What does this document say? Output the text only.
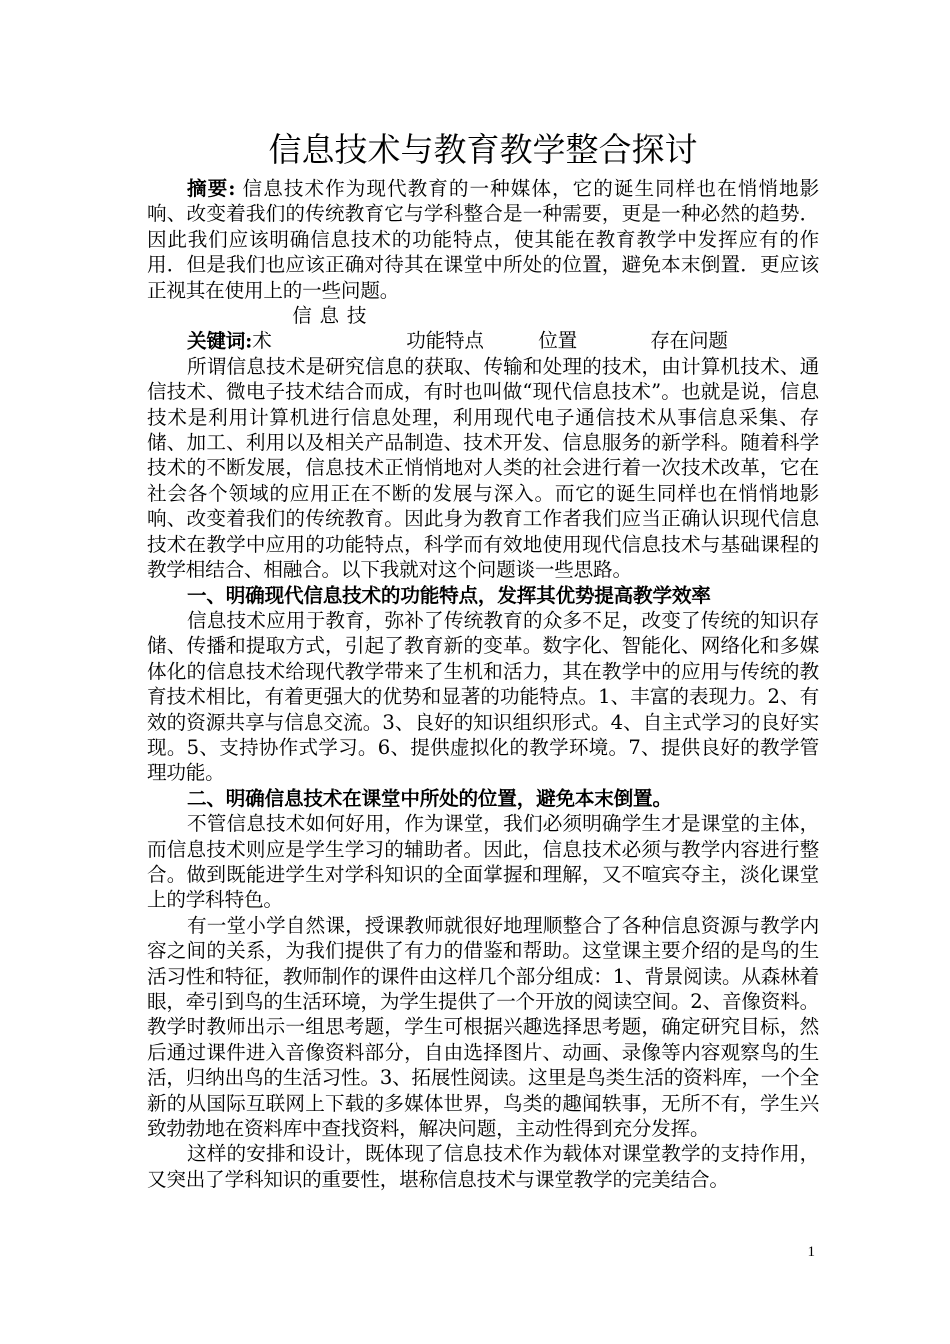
信息技术与教育教学整合探讨

摘要: 信息技术作为现代教育的一种媒体，它的诞生同样也在悄悄地影响、改变着我们的传统教育它与学科整合是一种需要，更是一种必然的趋势．因此我们应该明确信息技术的功能特点，使其能在教育教学中发挥应有的作用．但是我们也应该正确对待其在课堂中所处的位置，避免本末倒置．更应该正视其在使用上的一些问题。

关键词:信息技术	功能特点	位置	存在问题

所谓信息技术是研究信息的获取、传输和处理的技术，由计算机技术、通信技术、微电子技术结合而成，有时也叫做“现代信息技术”。也就是说，信息技术是利用计算机进行信息处理，利用现代电子通信技术从事信息采集、存储、加工、利用以及相关产品制造、技术开发、信息服务的新学科。随着科学技术的不断发展，信息技术正悄悄地对人类的社会进行着一次技术改革，它在社会各个领域的应用正在不断的发展与深入。而它的诞生同样也在悄悄地影响、改变着我们的传统教育。因此身为教育工作者我们应当正确认识现代信息技术在教学中应用的功能特点，科学而有效地使用现代信息技术与基础课程的教学相结合、相融合。以下我就对这个问题谈一些思路。

一、明确现代信息技术的功能特点，发挥其优势提高教学效率

信息技术应用于教育，弥补了传统教育的众多不足，改变了传统的知识存储、传播和提取方式，引起了教育新的变革。数字化、智能化、网络化和多媒体化的信息技术给现代教学带来了生机和活力，其在教学中的应用与传统的教育技术相比，有着更强大的优势和显著的功能特点。1、丰富的表现力。2、有效的资源共享与信息交流。3、良好的知识组织形式。4、自主式学习的良好实现。5、支持协作式学习。6、提供虚拟化的教学环境。7、提供良好的教学管理功能。

二、明确信息技术在课堂中所处的位置，避免本末倒置。

不管信息技术如何好用，作为课堂，我们必须明确学生才是课堂的主体，而信息技术则应是学生学习的辅助者。因此，信息技术必须与教学内容进行整合。做到既能进学生对学科知识的全面掌握和理解，又不喧宾夺主，淡化课堂上的学科特色。

有一堂小学自然课，授课教师就很好地理顺整合了各种信息资源与教学内容之间的关系，为我们提供了有力的借鉴和帮助。这堂课主要介绍的是鸟的生活习性和特征，教师制作的课件由这样几个部分组成：1、背景阅读。从森林着眼，牵引到鸟的生活环境，为学生提供了一个开放的阅读空间。2、音像资料。教学时教师出示一组思考题，学生可根据兴趣选择思考题，确定研究目标，然后通过课件进入音像资料部分，自由选择图片、动画、录像等内容观察鸟的生活，归纳出鸟的生活习性。3、拓展性阅读。这里是鸟类生活的资料库，一个全新的从国际互联网上下载的多媒体世界，鸟类的趣闻轶事，无所不有，学生兴致勃勃地在资料库中查找资料，解决问题，主动性得到充分发挥。

这样的安排和设计，既体现了信息技术作为载体对课堂教学的支持作用，又突出了学科知识的重要性，堪称信息技术与课堂教学的完美结合。

1
